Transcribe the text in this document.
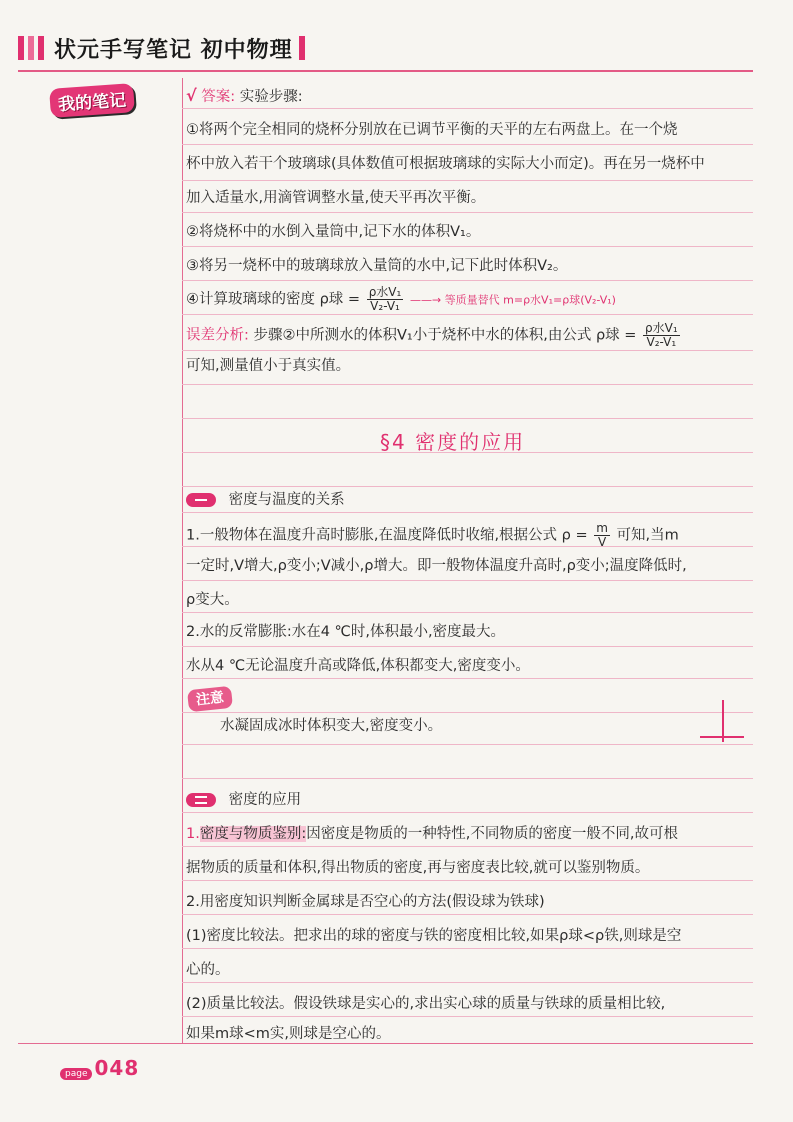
状元手写笔记 初中物理
我的笔记	√ 答案: 实验步骤:
①将两个完全相同的烧杯分别放在已调节平衡的天平的左右两盘上。在一个烧
杯中放入若干个玻璃球(具体数值可根据玻璃球的实际大小而定)。再在另一烧杯中
加入适量水,用滴管调整水量,使天平再次平衡。
②将烧杯中的水倒入量筒中,记下水的体积V₁。
③将另一烧杯中的玻璃球放入量筒的水中,记下此时体积V₂。
④计算玻璃球的密度 ρ球 = $\frac{\text{ρ水V₁}}{\text{V₂-V₁}}$ ——→ 等质量替代 m=ρ水V₁=ρ球(V₂-V₁)
误差分析: 步骤②中所测水的体积V₁小于烧杯中水的体积,由公式 ρ球 = $\frac{\text{ρ水V₁}}{\text{V₂-V₁}}$
可知,测量值小于真实值。
§4 密度的应用
密度与温度的关系
1.一般物体在温度升高时膨胀,在温度降低时收缩,根据公式 $\rho = \frac{m}{V}$ 可知,当m
一定时,V增大,ρ变小;V减小,ρ增大。即一般物体温度升高时,ρ变小;温度降低时,
ρ变大。
2.水的反常膨胀:水在4 ℃时,体积最小,密度最大。
水从4 ℃无论温度升高或降低,体积都变大,密度变小。
注意
水凝固成冰时体积变大,密度变小。
密度的应用
1.密度与物质鉴别:因密度是物质的一种特性,不同物质的密度一般不同,故可根
据物质的质量和体积,得出物质的密度,再与密度表比较,就可以鉴别物质。
2.用密度知识判断金属球是否空心的方法(假设球为铁球)
(1)密度比较法。把求出的球的密度与铁的密度相比较,如果ρ球<ρ铁,则球是空
心的。
(2)质量比较法。假设铁球是实心的,求出实心球的质量与铁球的质量相比较,
如果m球<m实,则球是空心的。
page 048
